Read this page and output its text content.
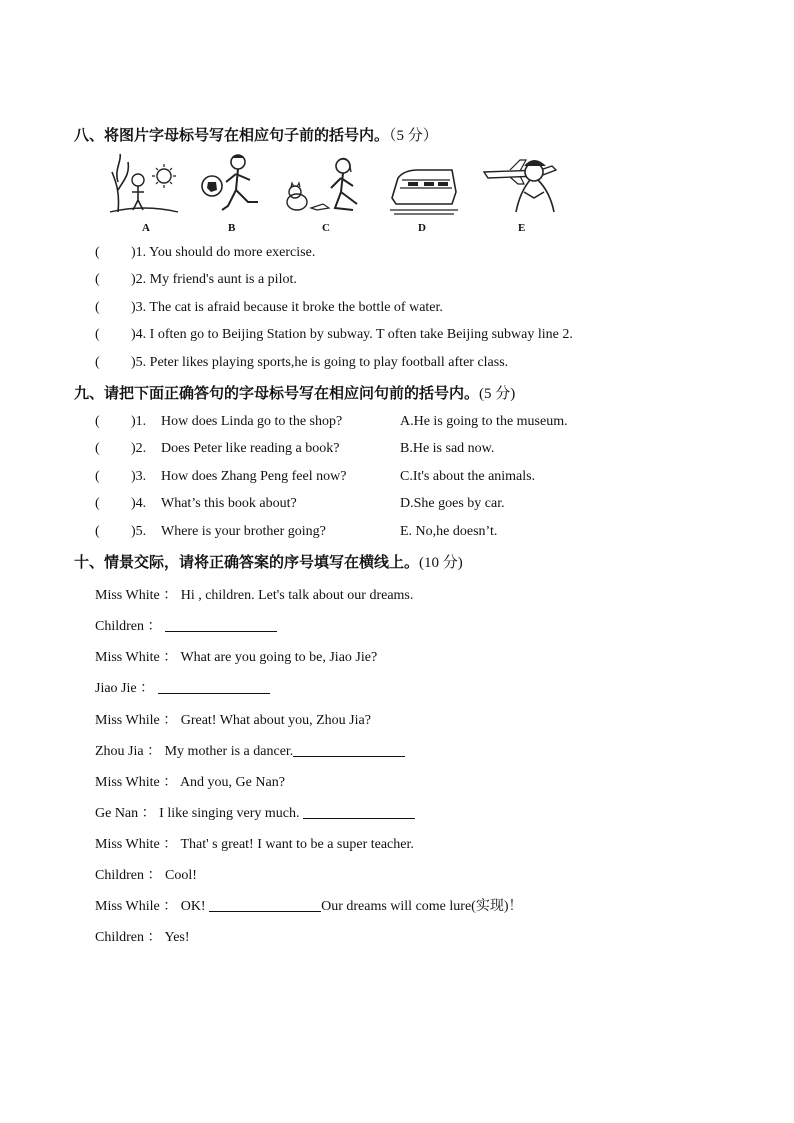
八、将图片字母标号写在相应句子前的括号内。（5 分）
A	B	C	D	E
( )1. You should do more exercise.
( )2. My friend's aunt is a pilot.
( )3. The cat is afraid because it broke the bottle of water.
( )4. I often go to Beijing Station by subway. T often take Beijing subway line 2.
( )5. Peter likes playing sports,he is going to play football after class.
九、请把下面正确答句的字母标号写在相应问句前的括号内。(5 分)
( )1. How does Linda go to the shop?	A.He is going to the museum.
( )2. Does Peter like reading a book?	B.He is sad now.
( )3. How does Zhang Peng feel now?	C.It's about the animals.
( )4. What’s this book about?	D.She goes by car.
( )5. Where is your brother going?	E. No,he doesn’t.
十、情景交际，请将正确答案的序号填写在横线上。(10 分)
Miss White ： Hi , children. Let's talk about our dreams.
Children ：
Miss White ： What are you going to be, Jiao Jie?
Jiao Jie ：
Miss While ： Great! What about you, Zhou Jia?
Zhou Jia ： My mother is a dancer.
Miss White ： And you, Ge Nan?
Ge Nan ： I like singing very much.
Miss White ： That' s great! I want to be a super teacher.
Children ： Cool!
Miss While ： OK!	Our dreams will come lure(实现)！
Children ： Yes!
